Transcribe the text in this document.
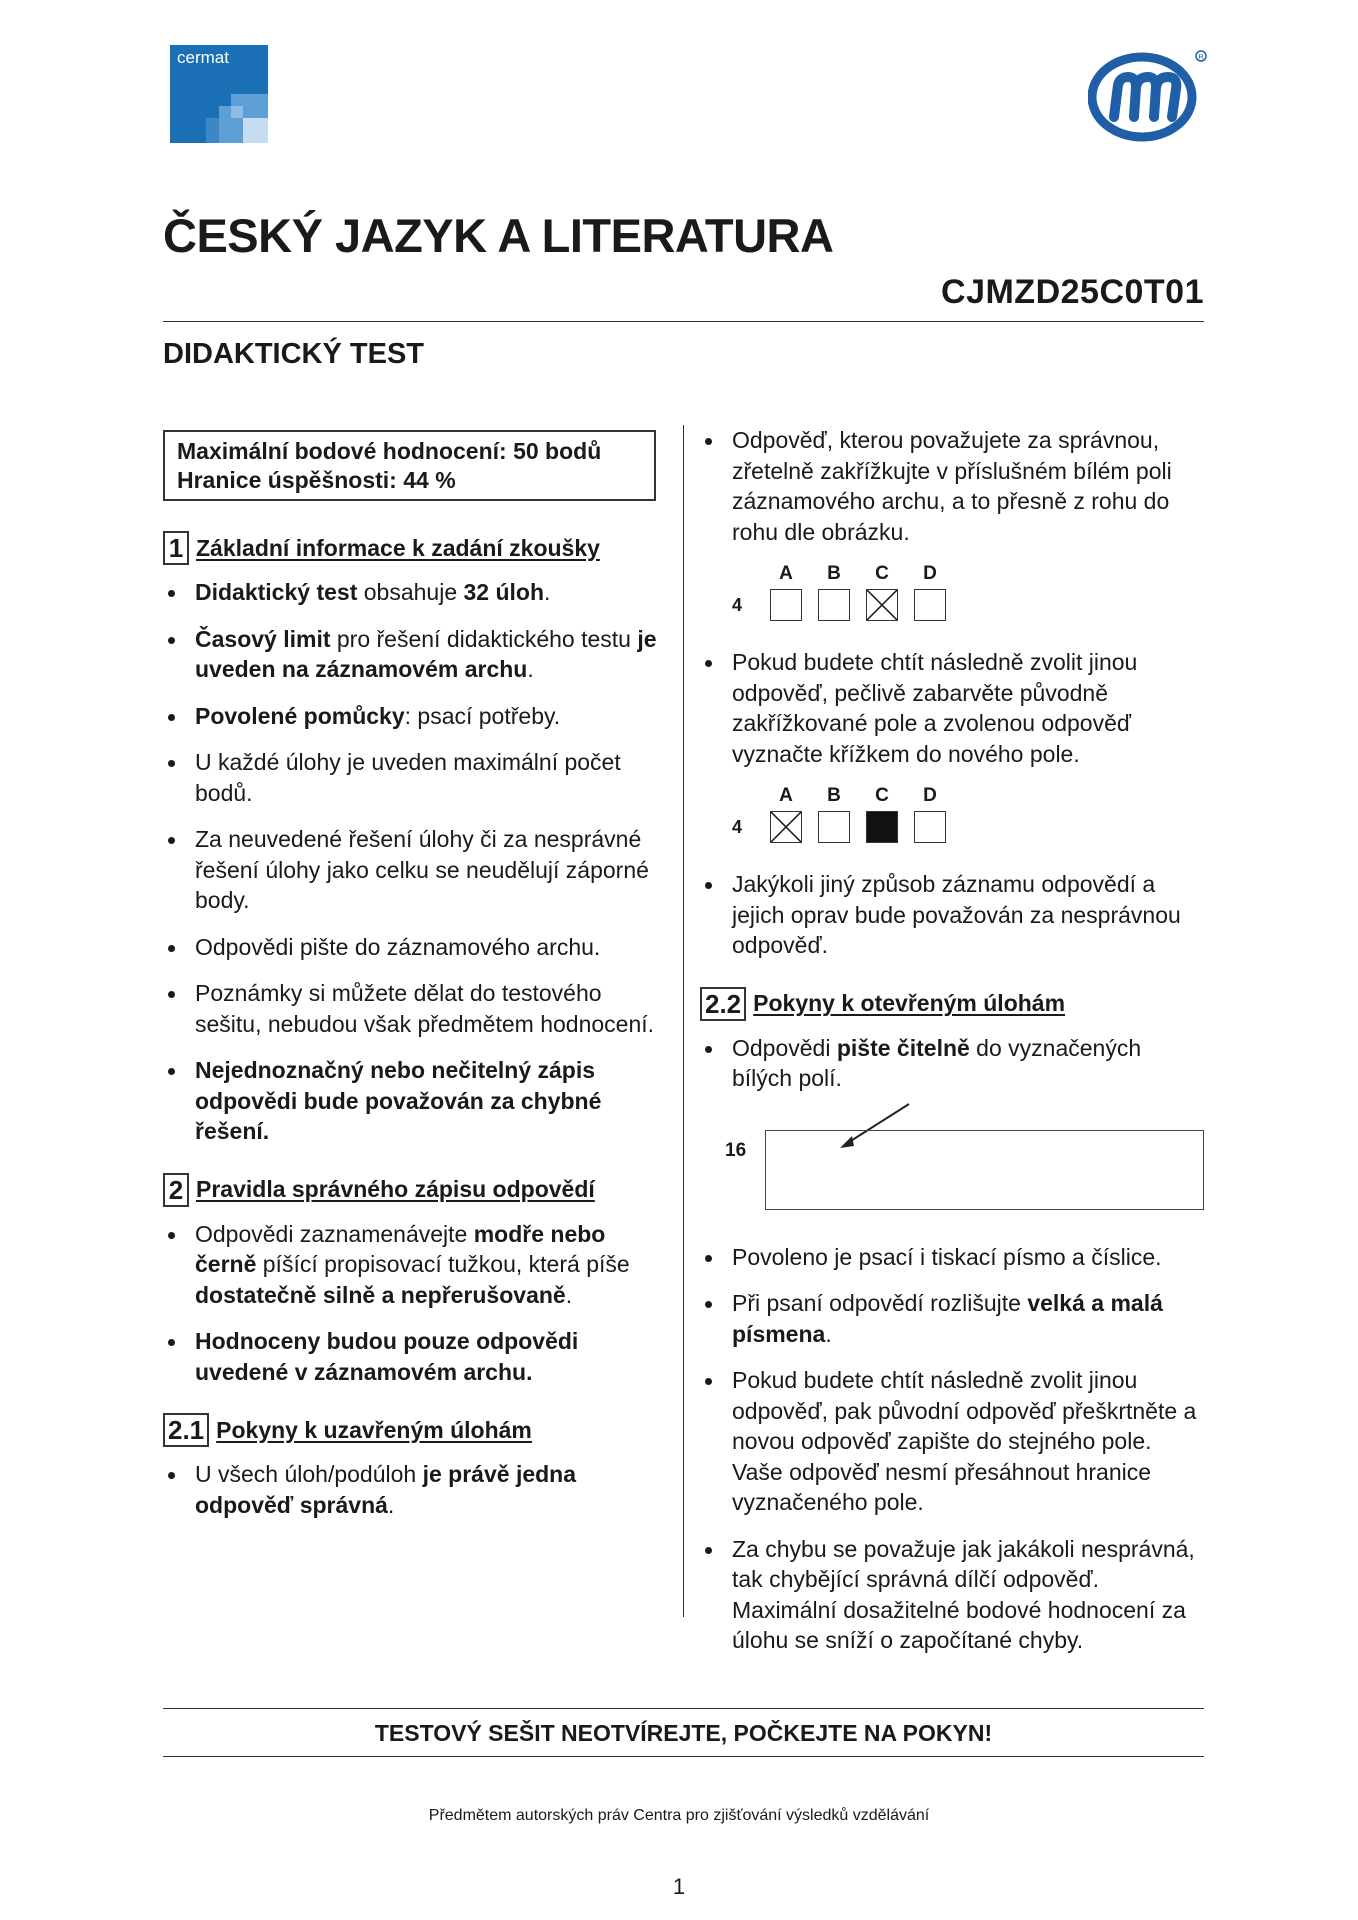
cermat	R
ČESKÝ JAZYK A LITERATURA
CJMZD25C0T01
DIDAKTICKÝ TEST
Maximální bodové hodnocení: 50 bodů
Hranice úspěšnosti: 44 %
1 Základní informace k zadání zkoušky
Didaktický test obsahuje 32 úloh.
Časový limit pro řešení didaktického testu je uveden na záznamovém archu.
Povolené pomůcky: psací potřeby.
U každé úlohy je uveden maximální počet bodů.
Za neuvedené řešení úlohy či za nesprávné řešení úlohy jako celku se neudělují záporné body.
Odpovědi pište do záznamového archu.
Poznámky si můžete dělat do testového sešitu, nebudou však předmětem hodnocení.
Nejednoznačný nebo nečitelný zápis odpovědi bude považován za chybné řešení.
2 Pravidla správného zápisu odpovědí
Odpovědi zaznamenávejte modře nebo černě píšící propisovací tužkou, která píše dostatečně silně a nepřerušovaně.
Hodnoceny budou pouze odpovědi uvedené v záznamovém archu.
2.1 Pokyny k uzavřeným úlohám
U všech úloh/podúloh je právě jedna odpověď správná.
Odpověď, kterou považujete za správnou, zřetelně zakřížkujte v příslušném bílém poli záznamového archu, a to přesně z rohu do rohu dle obrázku.
4
A	B	C	D
Pokud budete chtít následně zvolit jinou odpověď, pečlivě zabarvěte původně zakřížkované pole a zvolenou odpověď vyznačte křížkem do nového pole.
4
A	B	C	D
Jakýkoli jiný způsob záznamu odpovědí a jejich oprav bude považován za nesprávnou odpověď.
2.2 Pokyny k otevřeným úlohám
Odpovědi pište čitelně do vyznačených bílých polí.
16
Povoleno je psací i tiskací písmo a číslice.
Při psaní odpovědí rozlišujte velká a malá písmena.
Pokud budete chtít následně zvolit jinou odpověď, pak původní odpověď přeškrtněte a novou odpověď zapište do stejného pole. Vaše odpověď nesmí přesáhnout hranice vyznačeného pole.
Za chybu se považuje jak jakákoli nesprávná, tak chybějící správná dílčí odpověď. Maximální dosažitelné bodové hodnocení za úlohu se sníží o započítané chyby.
TESTOVÝ SEŠIT NEOTVÍREJTE, POČKEJTE NA POKYN!
Předmětem autorských práv Centra pro zjišťování výsledků vzdělávání
1
